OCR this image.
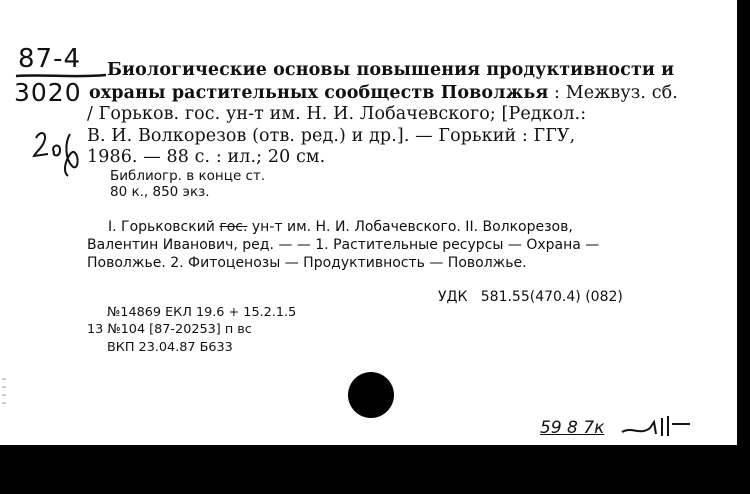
87-4
3020
Биологические основы повышения продуктивности и
охраны растительных сообществ Поволжья : Межвуз. сб.
/ Горьков. гос. ун-т им. Н. И. Лобачевского; [Редкол.:
В. И. Волкорезов (отв. ред.) и др.]. — Горький : ГГУ,
1986. — 88 с. : ил.; 20 см.
Библиогр. в конце ст.
80 к., 850 экз.
I. Горьковский гос. ун-т им. Н. И. Лобачевского. II. Волкорезов,
Валентин Иванович, ред. — — 1. Растительные ресурсы — Охрана —
Поволжье. 2. Фитоценозы — Продуктивность — Поволжье.
УДК   581.55(470.4) (082)
№14869 ЕКЛ 19.6 + 15.2.1.5
13 №104 [87-20253] п вс
ВКП 23.04.87 Б633
59 8 7к
